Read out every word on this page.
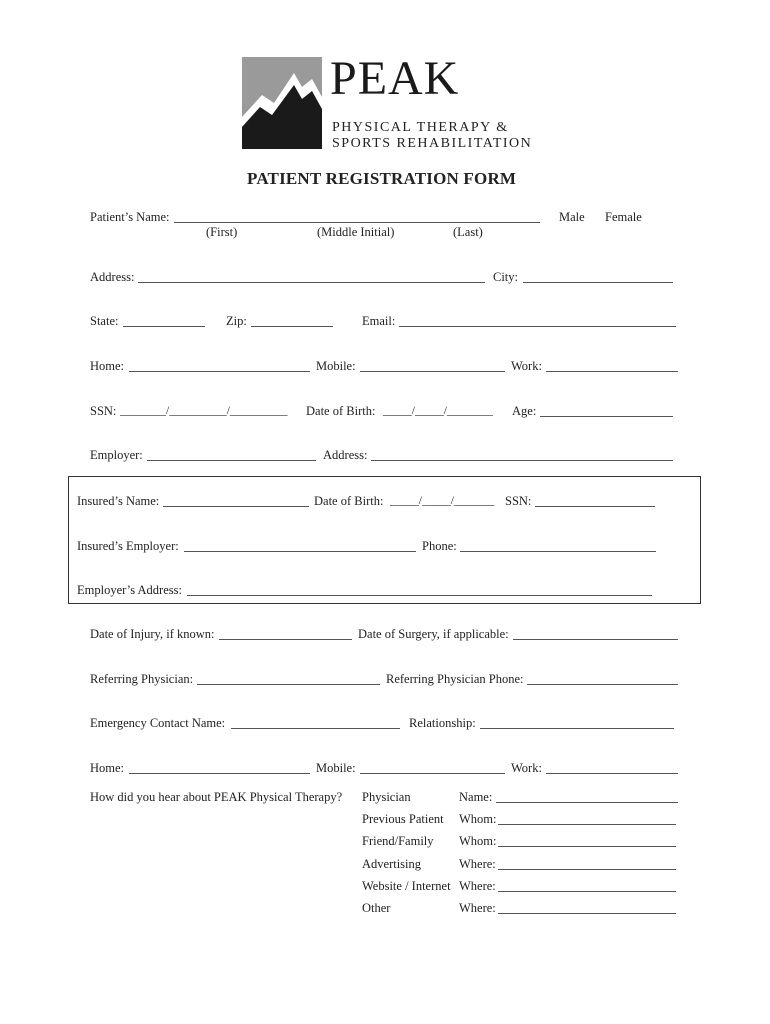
PEAK
PHYSICAL THERAPY &
SPORTS REHABILITATION
PATIENT REGISTRATION FORM
Patient’s Name:	Male Female
(First)	(Middle Initial)	(Last)
Address:	City:
State:	Zip:	Email:
Home:	Mobile:	Work:
SSN: ________/__________/__________ Date of Birth: _____/_____/________ Age:
Employer:	Address:
Insured’s Name:	Date of Birth: _____/_____/_______ SSN:
Insured’s Employer:	Phone:
Employer’s Address:
Date of Injury, if known:	Date of Surgery, if applicable:
Referring Physician:	Referring Physician Phone:
Emergency Contact Name:	Relationship:
Home:	Mobile:	Work:
How did you hear about PEAK Physical Therapy? Physician	Name:
Previous Patient Whom:
Friend/Family Whom:
Advertising	Where:
Website / Internet Where:
Other	Where:
